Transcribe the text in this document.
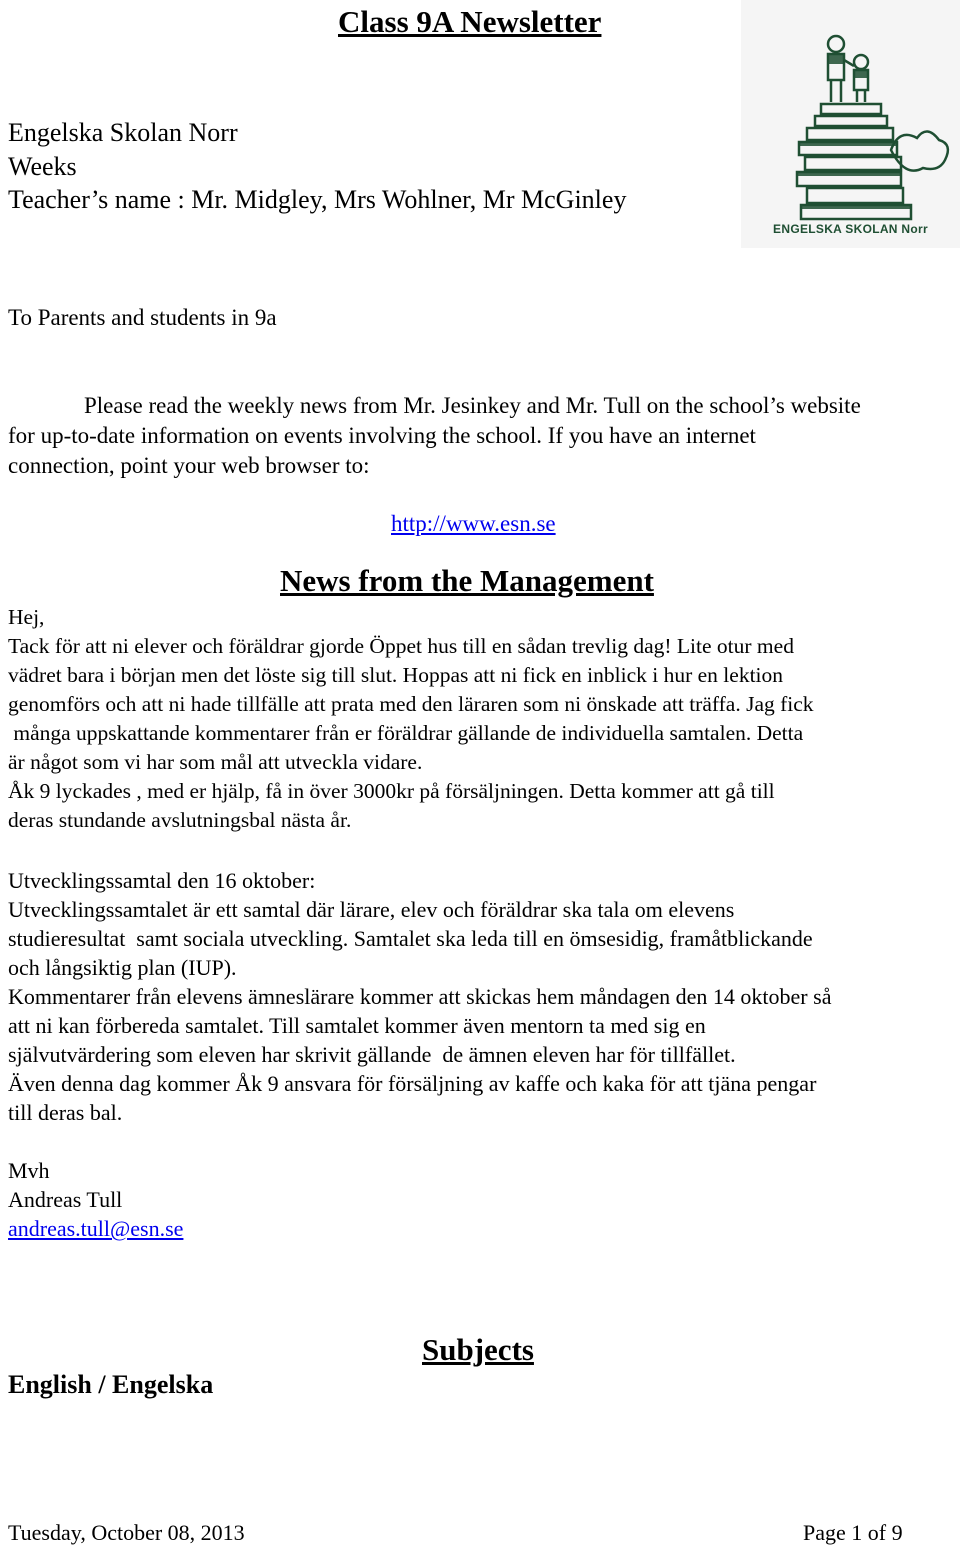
Class 9A Newsletter
Engelska Skolan Norr
Weeks
Teacher’s name : Mr. Midgley, Mrs Wohlner, Mr McGinley
ENGELSKA SKOLAN Norr
To Parents and students in 9a
Please read the weekly news from Mr. Jesinkey and Mr. Tull on the school’s website
for up-to-date information on events involving the school. If you have an internet
connection, point your web browser to:
http://www.esn.se
News from the Management
Hej,
Tack för att ni elever och föräldrar gjorde Öppet hus till en sådan trevlig dag! Lite otur med
vädret bara i början men det löste sig till slut. Hoppas att ni fick en inblick i hur en lektion
genomförs och att ni hade tillfälle att prata med den läraren som ni önskade att träffa. Jag fick
många uppskattande kommentarer från er föräldrar gällande de individuella samtalen. Detta
är något som vi har som mål att utveckla vidare.
Åk 9 lyckades , med er hjälp, få in över 3000kr på försäljningen. Detta kommer att gå till
deras stundande avslutningsbal nästa år.
Utvecklingssamtal den 16 oktober:
Utvecklingssamtalet är ett samtal där lärare, elev och föräldrar ska tala om elevens
studieresultat  samt sociala utveckling. Samtalet ska leda till en ömsesidig, framåtblickande
och långsiktig plan (IUP).
Kommentarer från elevens ämneslärare kommer att skickas hem måndagen den 14 oktober så
att ni kan förbereda samtalet. Till samtalet kommer även mentorn ta med sig en
självutvärdering som eleven har skrivit gällande  de ämnen eleven har för tillfället.
Även denna dag kommer Åk 9 ansvara för försäljning av kaffe och kaka för att tjäna pengar
till deras bal.
Mvh
Andreas Tull
andreas.tull@esn.se
Subjects
English / Engelska
Tuesday, October 08, 2013	Page 1 of 9
